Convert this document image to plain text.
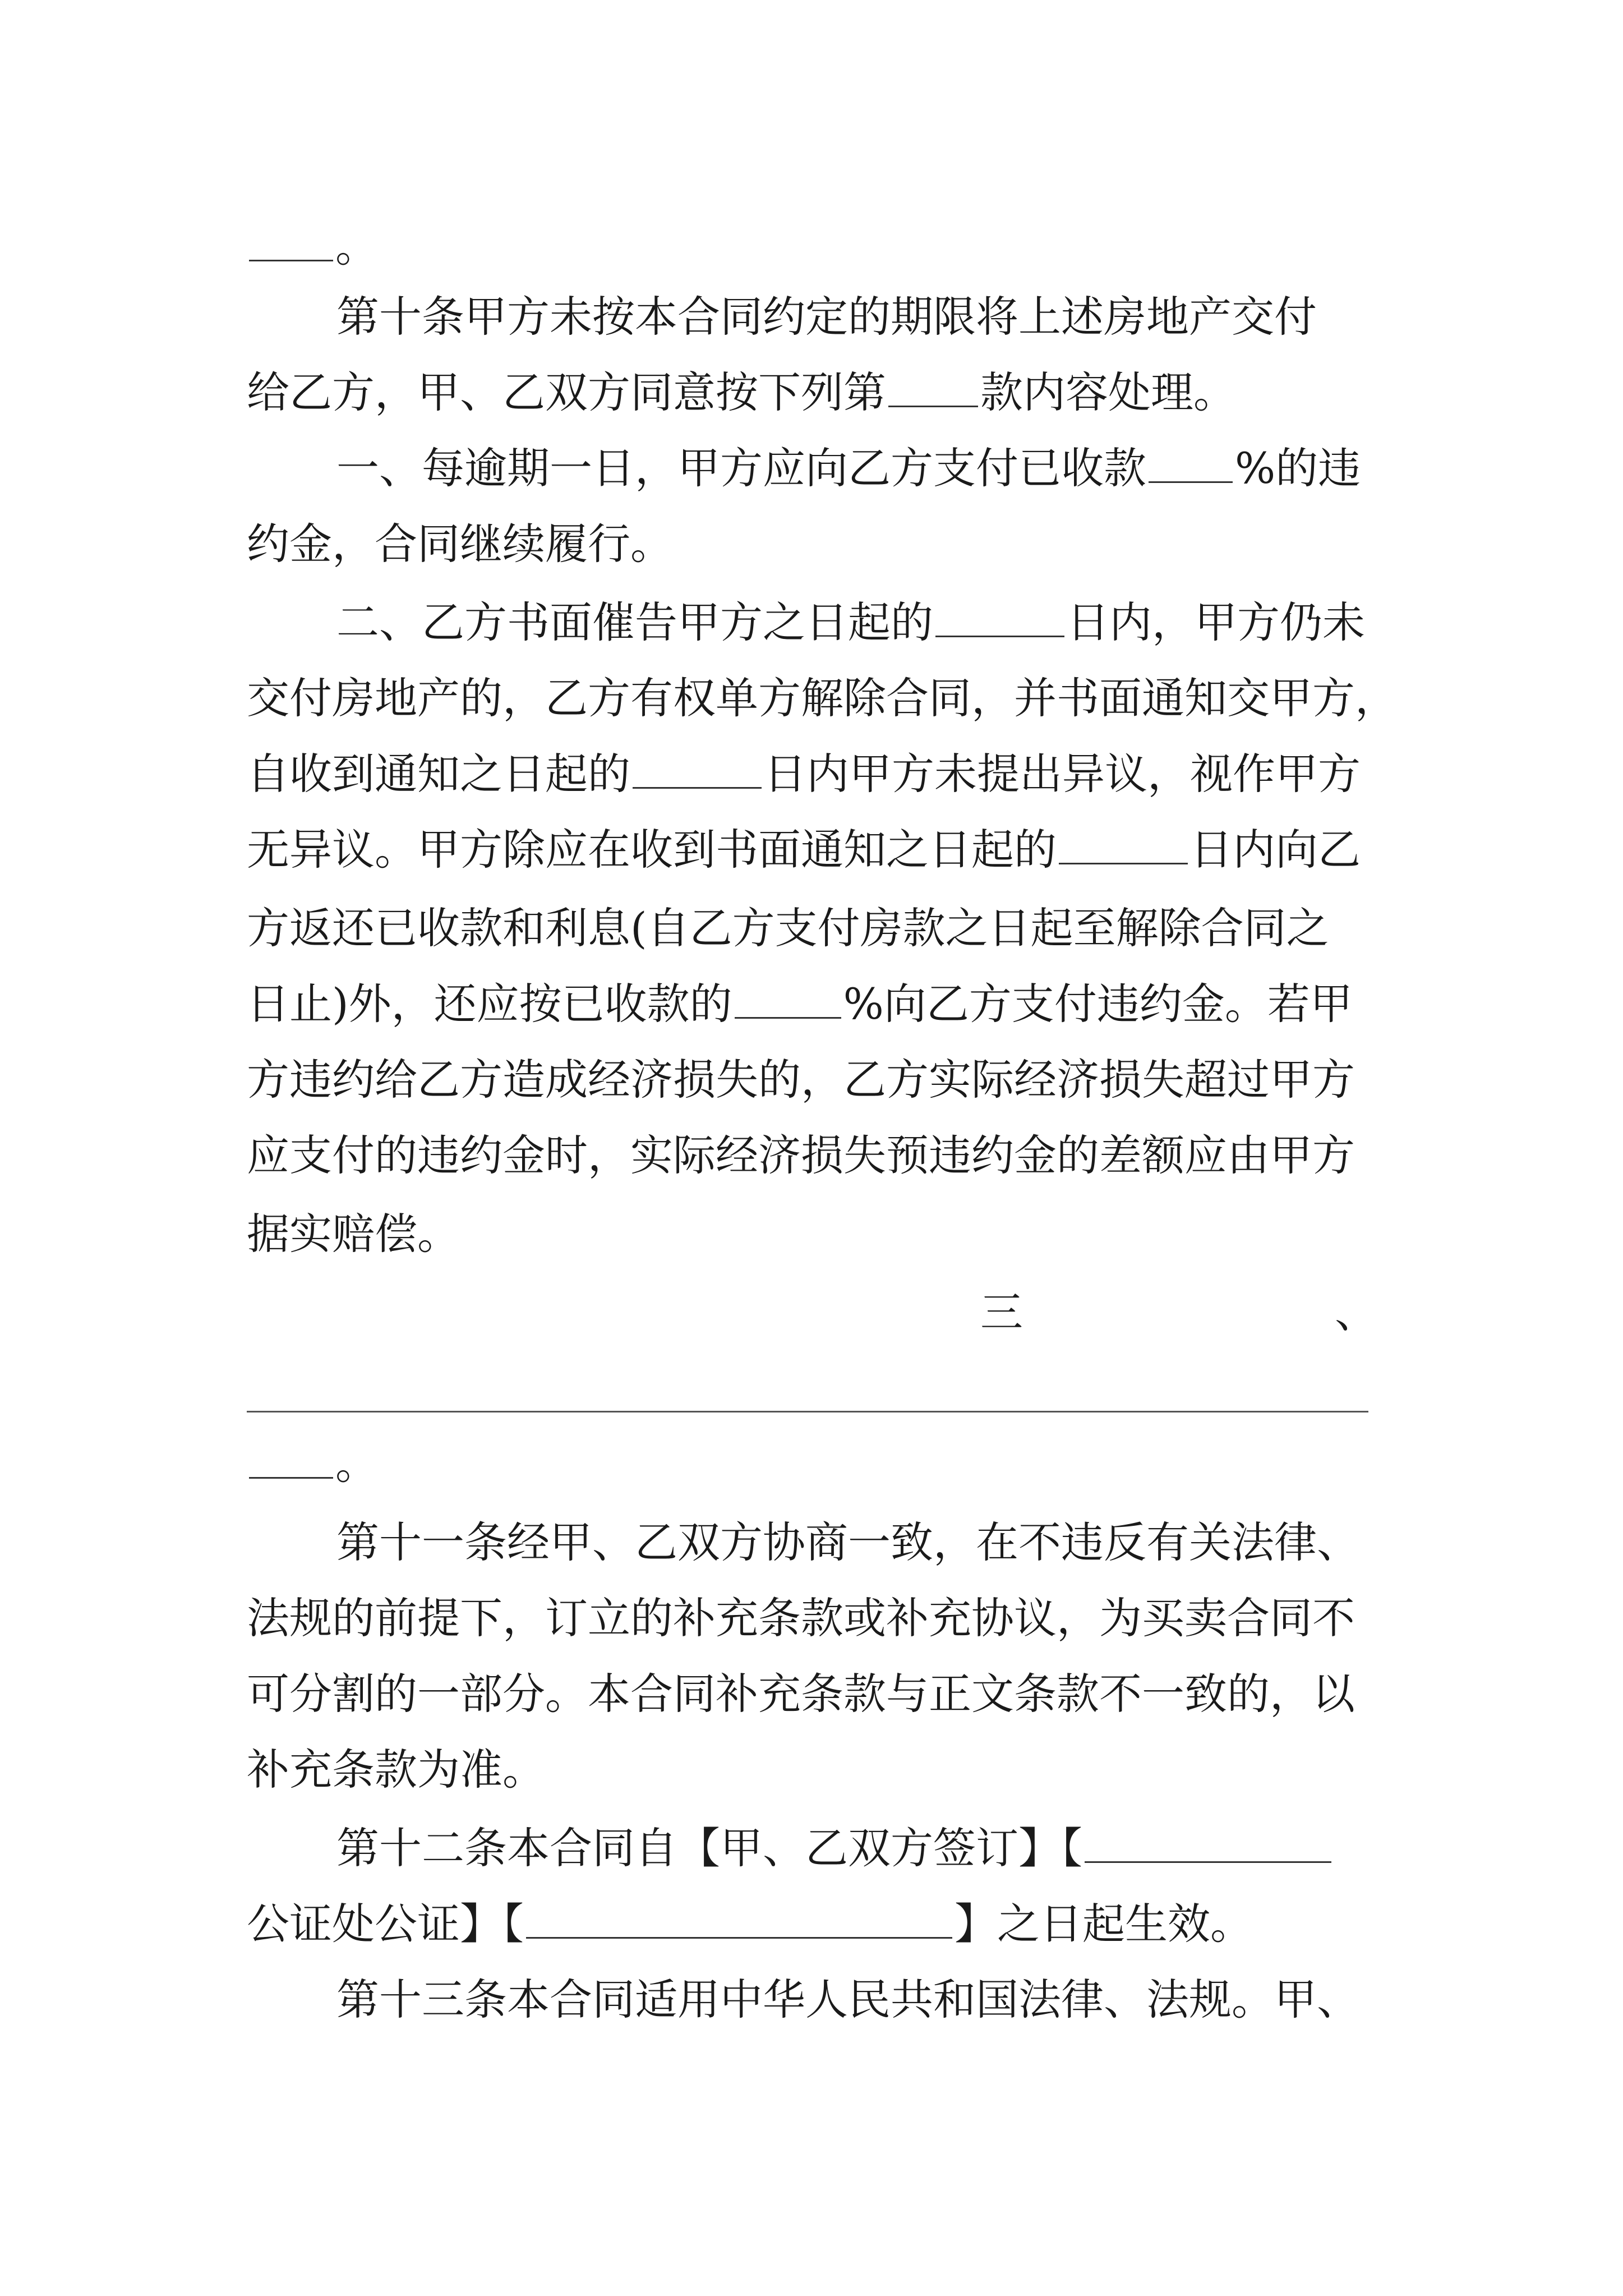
。
第十条甲方未按本合同约定的期限将上述房地产交付
给乙方，甲、乙双方同意按下列第 款内容处理。
一、每逾期一日，甲方应向乙方支付已收款 %的违
约金，合同继续履行。
二、乙方书面催告甲方之日起的	日内，甲方仍未
交付房地产的，乙方有权单方解除合同，并书面通知交甲方，
自收到通知之日起的	日内甲方未提出异议，视作甲方
无异议。甲方除应在收到书面通知之日起的	日内向乙
方返还已收款和利息(自乙方支付房款之日起至解除合同之
日止)外，还应按已收款的	%向乙方支付违约金。若甲
方违约给乙方造成经济损失的，乙方实际经济损失超过甲方
应支付的违约金时，实际经济损失预违约金的差额应由甲方
据实赔偿。
三	、
。
第十一条经甲、乙双方协商一致，在不违反有关法律、
法规的前提下，订立的补充条款或补充协议，为买卖合同不
可分割的一部分。本合同补充条款与正文条款不一致的，以
补充条款为准。
第十二条本合同自【甲、乙双方签订】【
公证处公证】【	】之日起生效。
第十三条本合同适用中华人民共和国法律、法规。甲、
